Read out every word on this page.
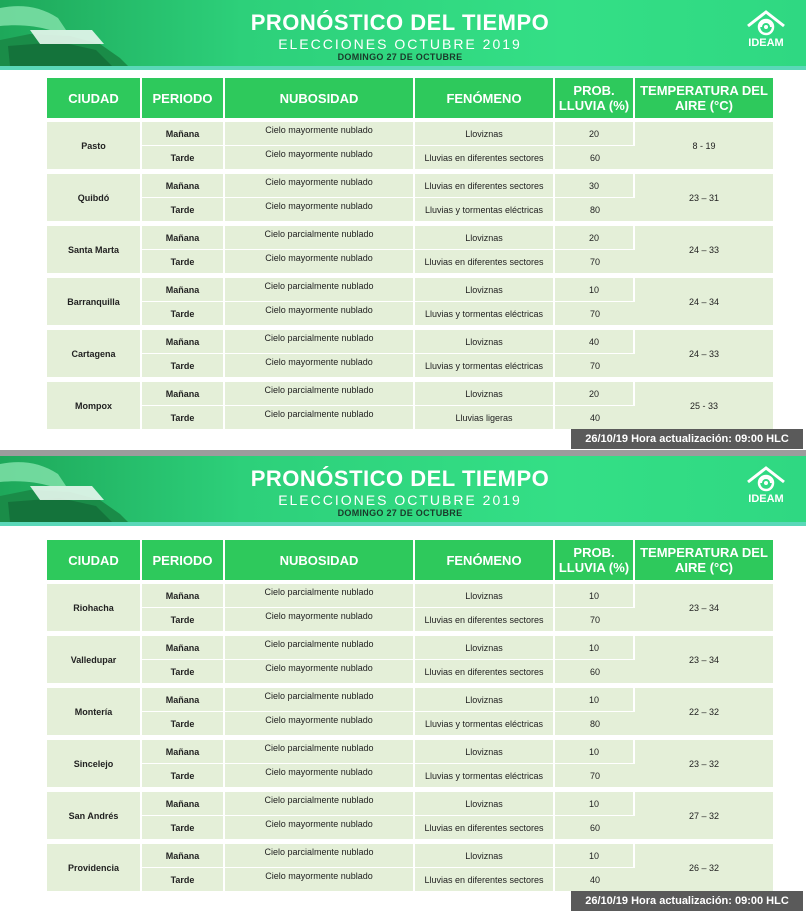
PRONÓSTICO DEL TIEMPO
ELECCIONES OCTUBRE 2019
DOMINGO 27 DE OCTUBRE
IDEAM
CIUDAD	PERIODO	NUBOSIDAD	FENÓMENO	PROB. LLUVIA (%)	TEMPERATURA DEL AIRE (°C)

Pasto	Mañana	Cielo mayormente nublado	Lloviznas	20	8 - 19
	Tarde	Cielo mayormente nublado	Lluvias en diferentes sectores	60	

Quibdó	Mañana	Cielo mayormente nublado	Lluvias en diferentes sectores	30	23 – 31
	Tarde	Cielo mayormente nublado	Lluvias y tormentas eléctricas	80	

Santa Marta	Mañana	Cielo parcialmente nublado	Lloviznas	20	24 – 33
	Tarde	Cielo mayormente nublado	Lluvias en diferentes sectores	70	

Barranquilla	Mañana	Cielo parcialmente nublado	Lloviznas	10	24 – 34
	Tarde	Cielo mayormente nublado	Lluvias y tormentas eléctricas	70	

Cartagena	Mañana	Cielo parcialmente nublado	Lloviznas	40	24 – 33
	Tarde	Cielo mayormente nublado	Lluvias y tormentas eléctricas	70	

Mompox	Mañana	Cielo parcialmente nublado	Lloviznas	20	25 - 33
	Tarde	Cielo parcialmente nublado	Lluvias ligeras	40	
26/10/19 Hora actualización: 09:00 HLC
PRONÓSTICO DEL TIEMPO
ELECCIONES OCTUBRE 2019
DOMINGO 27 DE OCTUBRE
IDEAM
CIUDAD	PERIODO	NUBOSIDAD	FENÓMENO	PROB. LLUVIA (%)	TEMPERATURA DEL AIRE (°C)

Riohacha	Mañana	Cielo parcialmente nublado	Lloviznas	10	23 – 34
	Tarde	Cielo mayormente nublado	Lluvias en diferentes sectores	70	

Valledupar	Mañana	Cielo parcialmente nublado	Lloviznas	10	23 – 34
	Tarde	Cielo mayormente nublado	Lluvias en diferentes sectores	60	

Montería	Mañana	Cielo parcialmente nublado	Lloviznas	10	22 – 32
	Tarde	Cielo mayormente nublado	Lluvias y tormentas eléctricas	80	

Sincelejo	Mañana	Cielo parcialmente nublado	Lloviznas	10	23 – 32
	Tarde	Cielo mayormente nublado	Lluvias y tormentas eléctricas	70	

San Andrés	Mañana	Cielo parcialmente nublado	Lloviznas	10	27 – 32
	Tarde	Cielo mayormente nublado	Lluvias en diferentes sectores	60	

Providencia	Mañana	Cielo parcialmente nublado	Lloviznas	10	26 – 32
	Tarde	Cielo mayormente nublado	Lluvias en diferentes sectores	40	
26/10/19 Hora actualización: 09:00 HLC
